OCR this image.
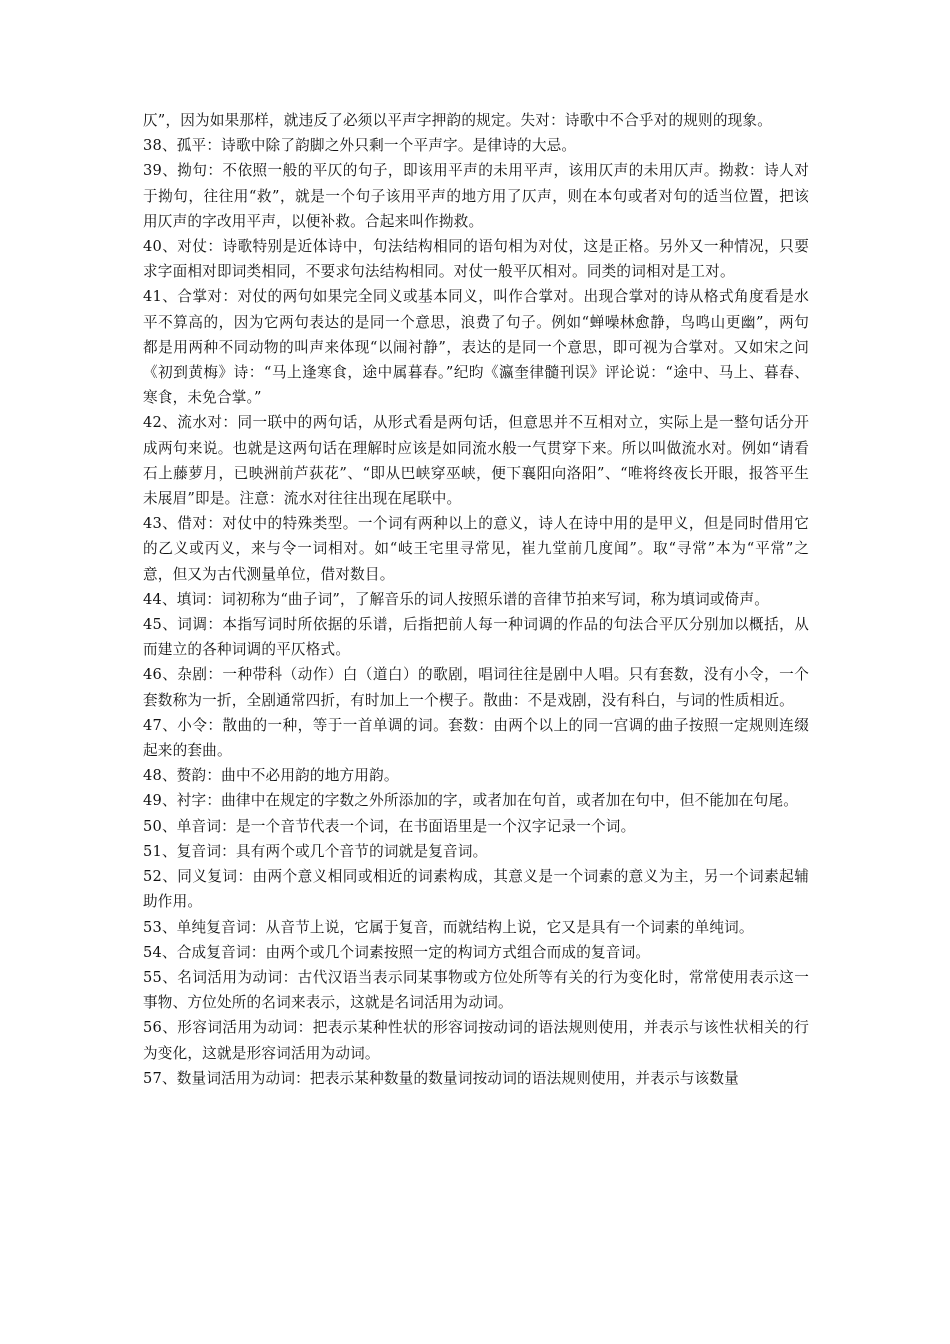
仄”，因为如果那样，就违反了必须以平声字押韵的规定。失对：诗歌中不合乎对的规则的现象。

38、孤平：诗歌中除了韵脚之外只剩一个平声字。是律诗的大忌。

39、拗句：不依照一般的平仄的句子，即该用平声的未用平声，该用仄声的未用仄声。拗救：诗人对于拗句，往往用“救”，就是一个句子该用平声的地方用了仄声，则在本句或者对句的适当位置，把该用仄声的字改用平声，以便补救。合起来叫作拗救。

40、对仗：诗歌特别是近体诗中，句法结构相同的语句相为对仗，这是正格。另外又一种情况，只要求字面相对即词类相同，不要求句法结构相同。对仗一般平仄相对。同类的词相对是工对。

41、合掌对：对仗的两句如果完全同义或基本同义，叫作合掌对。出现合掌对的诗从格式角度看是水平不算高的，因为它两句表达的是同一个意思，浪费了句子。例如“蝉噪林愈静，鸟鸣山更幽”，两句都是用两种不同动物的叫声来体现“以闹衬静”，表达的是同一个意思，即可视为合掌对。又如宋之问《初到黄梅》诗：“马上逢寒食，途中属暮春。”纪昀《瀛奎律髓刊误》评论说：“途中、马上、暮春、寒食，未免合掌。”

42、流水对：同一联中的两句话，从形式看是两句话，但意思并不互相对立，实际上是一整句话分开成两句来说。也就是这两句话在理解时应该是如同流水般一气贯穿下来。所以叫做流水对。例如“请看石上藤萝月，已映洲前芦荻花”、“即从巴峡穿巫峡，便下襄阳向洛阳”、“唯将终夜长开眼，报答平生未展眉”即是。注意：流水对往往出现在尾联中。

43、借对：对仗中的特殊类型。一个词有两种以上的意义，诗人在诗中用的是甲义，但是同时借用它的乙义或丙义，来与令一词相对。如“岐王宅里寻常见，崔九堂前几度闻”。取“寻常”本为“平常”之意，但又为古代测量单位，借对数目。

44、填词：词初称为“曲子词”，了解音乐的词人按照乐谱的音律节拍来写词，称为填词或倚声。

45、词调：本指写词时所依据的乐谱，后指把前人每一种词调的作品的句法合平仄分别加以概括，从而建立的各种词调的平仄格式。

46、杂剧：一种带科（动作）白（道白）的歌剧，唱词往往是剧中人唱。只有套数，没有小令，一个套数称为一折，全剧通常四折，有时加上一个楔子。散曲：不是戏剧，没有科白，与词的性质相近。

47、小令：散曲的一种，等于一首单调的词。套数：由两个以上的同一宫调的曲子按照一定规则连缀起来的套曲。

48、赘韵：曲中不必用韵的地方用韵。

49、衬字：曲律中在规定的字数之外所添加的字，或者加在句首，或者加在句中，但不能加在句尾。

50、单音词：是一个音节代表一个词，在书面语里是一个汉字记录一个词。

51、复音词：具有两个或几个音节的词就是复音词。

52、同义复词：由两个意义相同或相近的词素构成，其意义是一个词素的意义为主，另一个词素起辅助作用。

53、单纯复音词：从音节上说，它属于复音，而就结构上说，它又是具有一个词素的单纯词。

54、合成复音词：由两个或几个词素按照一定的构词方式组合而成的复音词。

55、名词活用为动词：古代汉语当表示同某事物或方位处所等有关的行为变化时，常常使用表示这一事物、方位处所的名词来表示，这就是名词活用为动词。

56、形容词活用为动词：把表示某种性状的形容词按动词的语法规则使用，并表示与该性状相关的行为变化，这就是形容词活用为动词。

57、数量词活用为动词：把表示某种数量的数量词按动词的语法规则使用，并表示与该数量
